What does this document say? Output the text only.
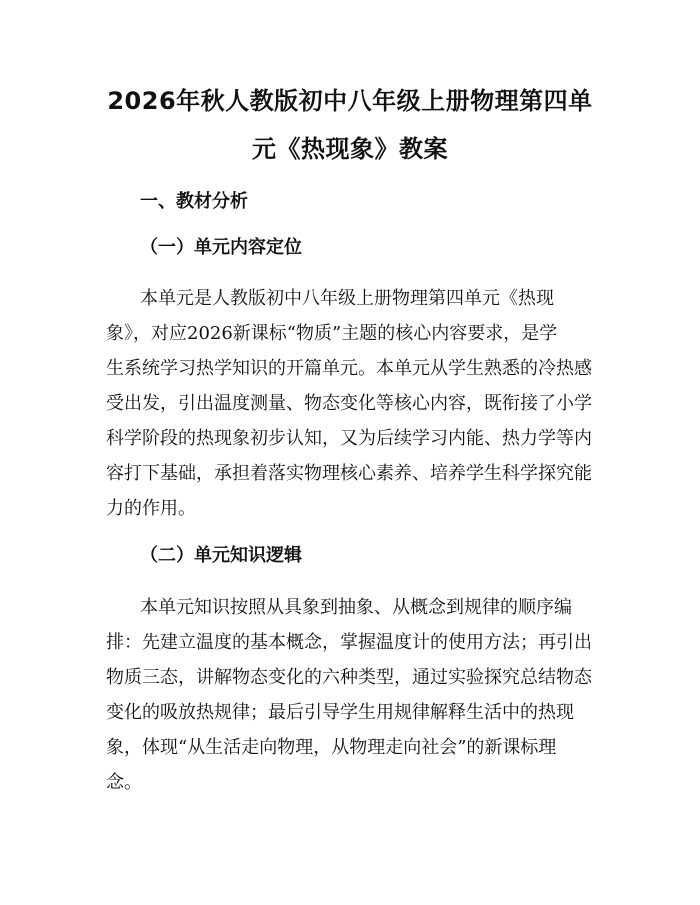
2026年秋人教版初中八年级上册物理第四单
元《热现象》教案
一、教材分析
（一）单元内容定位
本单元是人教版初中八年级上册物理第四单元《热现
象》，对应2026新课标“物质”主题的核心内容要求，是学
生系统学习热学知识的开篇单元。本单元从学生熟悉的冷热感
受出发，引出温度测量、物态变化等核心内容，既衔接了小学
科学阶段的热现象初步认知，又为后续学习内能、热力学等内
容打下基础，承担着落实物理核心素养、培养学生科学探究能
力的作用。
（二）单元知识逻辑
本单元知识按照从具象到抽象、从概念到规律的顺序编
排：先建立温度的基本概念，掌握温度计的使用方法；再引出
物质三态，讲解物态变化的六种类型，通过实验探究总结物态
变化的吸放热规律；最后引导学生用规律解释生活中的热现
象，体现“从生活走向物理，从物理走向社会”的新课标理
念。
